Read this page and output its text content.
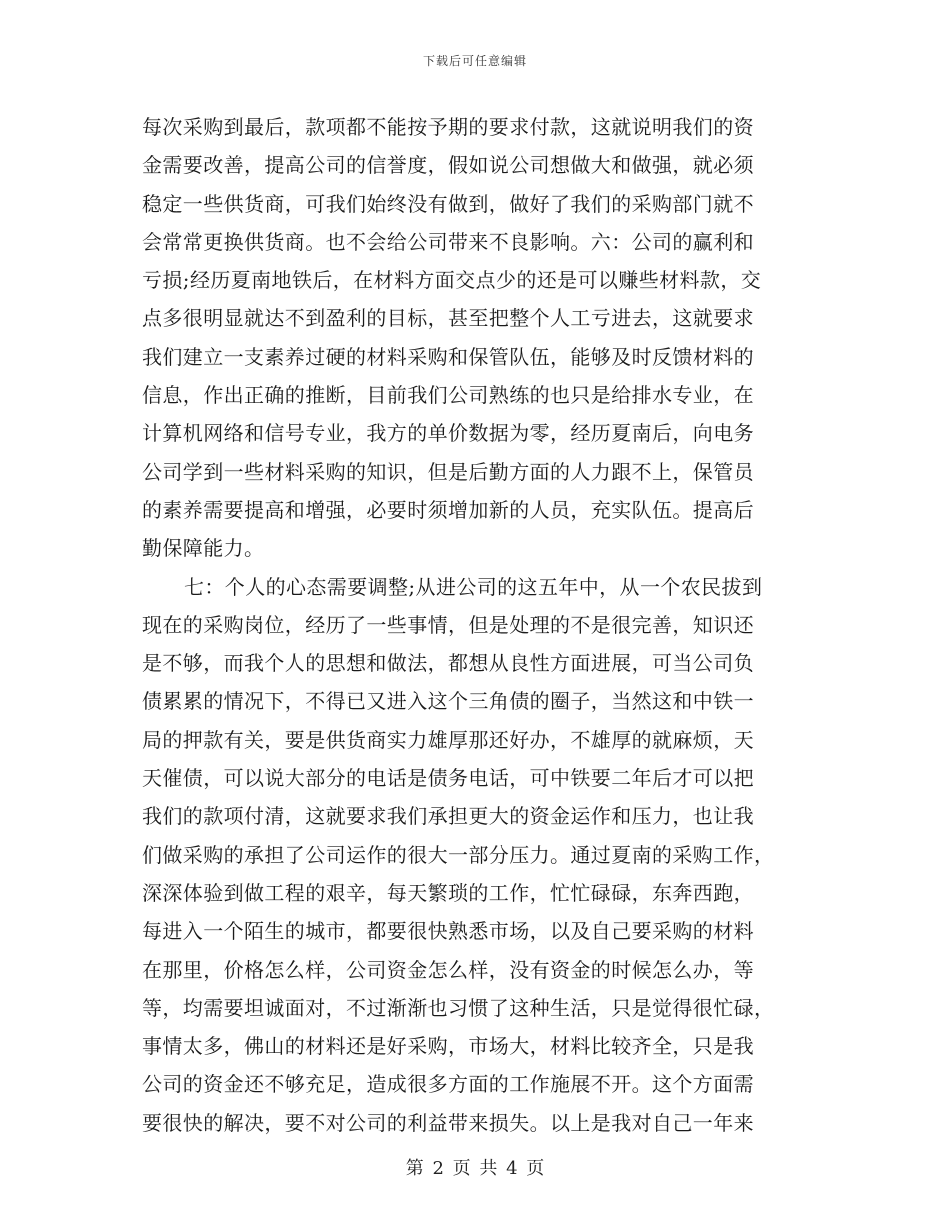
下载后可任意编辑
每次采购到最后，款项都不能按予期的要求付款，这就说明我们的资
金需要改善，提高公司的信誉度，假如说公司想做大和做强，就必须
稳定一些供货商，可我们始终没有做到，做好了我们的采购部门就不
会常常更换供货商。也不会给公司带来不良影响。六：公司的赢利和
亏损;经历夏南地铁后，在材料方面交点少的还是可以赚些材料款，交
点多很明显就达不到盈利的目标，甚至把整个人工亏进去，这就要求
我们建立一支素养过硬的材料采购和保管队伍，能够及时反馈材料的
信息，作出正确的推断，目前我们公司熟练的也只是给排水专业，在
计算机网络和信号专业，我方的单价数据为零，经历夏南后，向电务
公司学到一些材料采购的知识，但是后勤方面的人力跟不上，保管员
的素养需要提高和增强，必要时须增加新的人员，充实队伍。提高后
勤保障能力。
七：个人的心态需要调整;从进公司的这五年中，从一个农民拔到
现在的采购岗位，经历了一些事情，但是处理的不是很完善，知识还
是不够，而我个人的思想和做法，都想从良性方面进展，可当公司负
债累累的情况下，不得已又进入这个三角债的圈子，当然这和中铁一
局的押款有关，要是供货商实力雄厚那还好办，不雄厚的就麻烦，天
天催债，可以说大部分的电话是债务电话，可中铁要二年后才可以把
我们的款项付清，这就要求我们承担更大的资金运作和压力，也让我
们做采购的承担了公司运作的很大一部分压力。通过夏南的采购工作，
深深体验到做工程的艰辛，每天繁琐的工作，忙忙碌碌，东奔西跑，
每进入一个陌生的城市，都要很快熟悉市场，以及自己要采购的材料
在那里，价格怎么样，公司资金怎么样，没有资金的时候怎么办，等
等，均需要坦诚面对，不过渐渐也习惯了这种生活，只是觉得很忙碌，
事情太多，佛山的材料还是好采购，市场大，材料比较齐全，只是我
公司的资金还不够充足，造成很多方面的工作施展不开。这个方面需
要很快的解决，要不对公司的利益带来损失。以上是我对自己一年来
第 2 页 共 4 页
